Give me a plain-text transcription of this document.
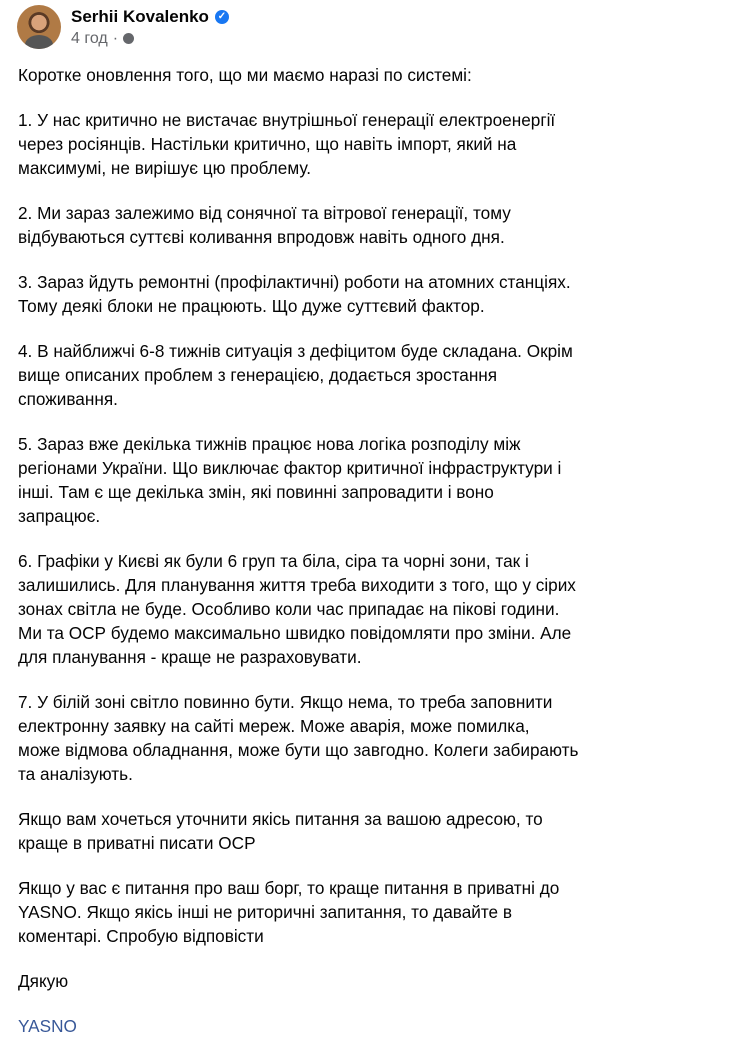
Serhii Kovalenko ✓
4 год ·

Коротке оновлення того, що ми маємо наразі по системі:

1. У нас критично не вистачає внутрішньої генерації електроенергії
через росіянців. Настільки критично, що навіть імпорт, який на
максимумі, не вирішує цю проблему.

2. Ми зараз залежимо від сонячної та вітрової генерації, тому
відбуваються суттєві коливання впродовж навіть одного дня.

3. Зараз йдуть ремонтні (профілактичні) роботи на атомних станціях.
Тому деякі блоки не працюють. Що дуже суттєвий фактор.

4. В найближчі 6-8 тижнів ситуація з дефіцитом буде складана. Окрім
вище описаних проблем з генерацією, додається зростання
споживання.

5. Зараз вже декілька тижнів працює нова логіка розподілу між
регіонами України. Що виключає фактор критичної інфраструктури і
інші. Там є ще декілька змін, які повинні запровадити і воно
запрацює.

6. Графіки у Києві як були 6 груп та біла, сіра та чорні зони, так і
залишились. Для планування життя треба виходити з того, що у сірих
зонах світла не буде. Особливо коли час припадає на пікові години.
Ми та ОСР будемо максимально швидко повідомляти про зміни. Але
для планування - краще не разраховувати.

7. У білій зоні світло повинно бути. Якщо нема, то треба заповнити
електронну заявку на сайті мереж. Може аварія, може помилка,
може відмова обладнання, може бути що завгодно. Колеги забирають
та аналізують.

Якщо вам хочеться уточнити якісь питання за вашою адресою, то
краще в приватні писати ОСР

Якщо у вас є питання про ваш борг, то краще питання в приватні до
YASNO. Якщо якісь інші не риторичні запитання, то давайте в
коментарі. Спробую відповісти

Дякую

YASNO
